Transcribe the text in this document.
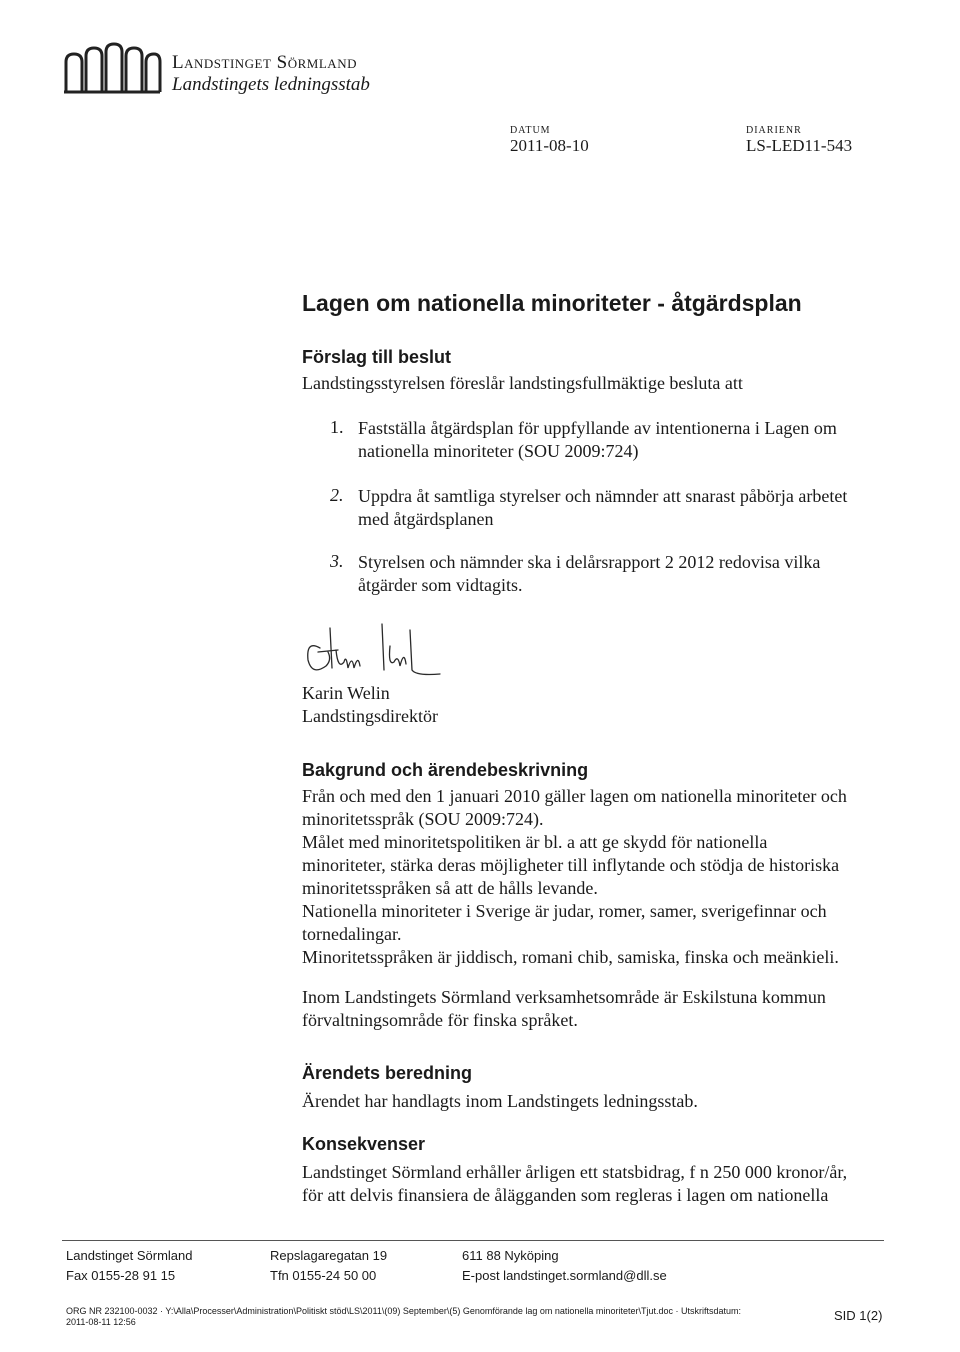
Landstinget Sörmland
Landstingets ledningsstab
DATUM
2011-08-10
DIARIENR
LS-LED11-543
Lagen om nationella minoriteter - åtgärdsplan
Förslag till beslut
Landstingsstyrelsen föreslår landstingsfullmäktige besluta att
1. Fastställa åtgärdsplan för uppfyllande av intentionerna i Lagen om
nationella minoriteter (SOU 2009:724)
2. Uppdra åt samtliga styrelser och nämnder att snarast påbörja arbetet
med åtgärdsplanen
3. Styrelsen och nämnder ska i delårsrapport 2 2012 redovisa vilka
åtgärder som vidtagits.
Karin Welin
Landstingsdirektör
Bakgrund och ärendebeskrivning
Från och med den 1 januari 2010 gäller lagen om nationella minoriteter och
minoritetsspråk (SOU 2009:724).
Målet med minoritetspolitiken är bl. a att ge skydd för nationella
minoriteter, stärka deras möjligheter till inflytande och stödja de historiska
minoritetsspråken så att de hålls levande.
Nationella minoriteter i Sverige är judar, romer, samer, sverigefinnar och
tornedalingar.
Minoritetsspråken är jiddisch, romani chib, samiska, finska och meänkieli.
Inom Landstingets Sörmland verksamhetsområde är Eskilstuna kommun
förvaltningsområde för finska språket.
Ärendets beredning
Ärendet har handlagts inom Landstingets ledningsstab.
Konsekvenser
Landstinget Sörmland erhåller årligen ett statsbidrag, f n 250 000 kronor/år,
för att delvis finansiera de ålägganden som regleras i lagen om nationella
Landstinget Sörmland
Fax 0155-28 91 15
Repslagaregatan 19
Tfn 0155-24 50 00
611 88 Nyköping
E-post landstinget.sormland@dll.se
ORG NR 232100-0032 · Y:\Alla\Processer\Administration\Politiskt stöd\LS\2011\(09) September\(5) Genomförande lag om nationella minoriteter\Tjut.doc · Utskriftsdatum:
2011-08-11 12:56	SID 1(2)
